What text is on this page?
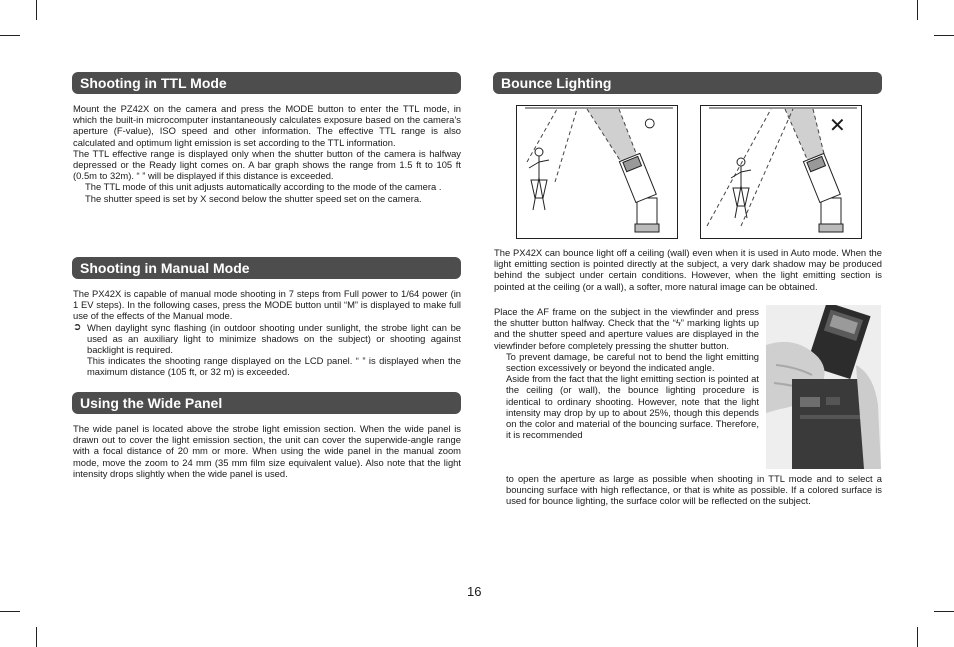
Shooting in TTL Mode
Mount the PZ42X on the camera and press the MODE button to enter the TTL mode, in which the built-in microcomputer instantaneously calculates exposure based on the camera’s aperture (F-value), ISO speed and other information. The effective TTL range is also calculated and optimum light emission is set according to the TTL information.
The TTL effective range is displayed only when the shutter button of the camera is halfway depressed or the Ready light comes on. A bar graph shows the range from 1.5 ft to 105 ft (0.5m to 32m). “ ” will be displayed if this distance is exceeded.
The TTL mode of this unit adjusts automatically according to the mode of the camera .
The shutter speed is set by X second below the shutter speed set on the camera.
Shooting in Manual Mode
The PX42X is capable of manual mode shooting in 7 steps from Full power to 1/64 power (in 1 EV steps). In the following cases, press the MODE button until “M” is displayed to make full use of the effects of the Manual mode.
➲ When daylight sync flashing (in outdoor shooting under sunlight, the strobe light can be used as an auxiliary light to minimize shadows on the subject) or shooting against backlight is required.
This indicates the shooting range displayed on the LCD panel. “ ” is displayed when the maximum distance (105 ft, or 32 m) is exceeded.
Using the Wide Panel
The wide panel is located above the strobe light emission section. When the wide panel is drawn out to cover the light emission section, the unit can cover the superwide-angle range with a focal distance of 20 mm or more. When using the wide panel in the manual zoom mode, move the zoom to 24 mm (35 mm film size equivalent value). Also note that the light intensity drops slightly when the wide panel is used.
Bounce Lighting
○	✕
The PX42X can bounce light off a ceiling (wall) even when it is used in Auto mode. When the light emitting section is pointed directly at the subject, a very dark shadow may be produced behind the subject under certain conditions. However, when the light emitting section is pointed at the ceiling (or a wall), a softer, more natural image can be obtained.
Place the AF frame on the subject in the viewfinder and press the shutter button halfway. Check that the “ϟ” marking lights up and the shutter speed and aperture values are displayed in the viewfinder before completely pressing the shutter button.
To prevent damage, be careful not to bend the light emitting section excessively or beyond the indicated angle.
Aside from the fact that the light emitting section is pointed at the ceiling (or wall), the bounce lighting procedure is identical to ordinary shooting. However, note that the light intensity may drop by up to about 25%, though this depends on the color and material of the bouncing surface. Therefore, it is recommended
to open the aperture as large as possible when shooting in TTL mode and to select a bouncing surface with high reflectance, or that is white as possible. If a colored surface is used for bounce lighting, the surface color will be reflected on the subject.
16
